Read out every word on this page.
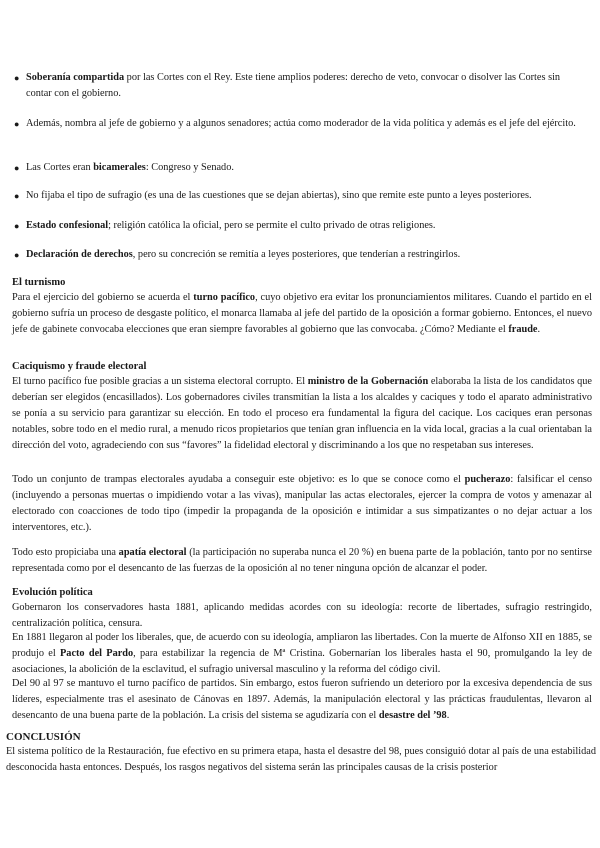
● Soberanía compartida por las Cortes con el Rey. Este tiene amplios poderes: derecho de veto, convocar o disolver las Cortes sin contar con el gobierno.
● Además, nombra al jefe de gobierno y a algunos senadores; actúa como moderador de la vida política y además es el jefe del ejército.
● Las Cortes eran bicamerales: Congreso y Senado.
● No fijaba el tipo de sufragio (es una de las cuestiones que se dejan abiertas), sino que remite este punto a leyes posteriores.
● Estado confesional; religión católica la oficial, pero se permite el culto privado de otras religiones.
● Declaración de derechos, pero su concreción se remitía a leyes posteriores, que tenderían a restringirlos.
El turnismo
Para el ejercicio del gobierno se acuerda el turno pacífico, cuyo objetivo era evitar los pronunciamientos militares. Cuando el partido en el gobierno sufría un proceso de desgaste político, el monarca llamaba al jefe del partido de la oposición a formar gobierno. Entonces, el nuevo jefe de gabinete convocaba elecciones que eran siempre favorables al gobierno que las convocaba. ¿Cómo? Mediante el fraude.
Caciquismo y fraude electoral
El turno pacífico fue posible gracias a un sistema electoral corrupto. El ministro de la Gobernación elaboraba la lista de los candidatos que deberían ser elegidos (encasillados). Los gobernadores civiles transmitían la lista a los alcaldes y caciques y todo el aparato administrativo se ponía a su servicio para garantizar su elección. En todo el proceso era fundamental la figura del cacique. Los caciques eran personas notables, sobre todo en el medio rural, a menudo ricos propietarios que tenían gran influencia en la vida local, gracias a la cual orientaban la dirección del voto, agradeciendo con sus “favores” la fidelidad electoral y discriminando a los que no respetaban sus intereses.
Todo un conjunto de trampas electorales ayudaba a conseguir este objetivo: es lo que se conoce como el pucherazo: falsificar el censo (incluyendo a personas muertas o impidiendo votar a las vivas), manipular las actas electorales, ejercer la compra de votos y amenazar al electorado con coacciones de todo tipo (impedir la propaganda de la oposición e intimidar a sus simpatizantes o no dejar actuar a los interventores, etc.).
Todo esto propiciaba una apatía electoral (la participación no superaba nunca el 20 %) en buena parte de la población, tanto por no sentirse representada como por el desencanto de las fuerzas de la oposición al no tener ninguna opción de alcanzar el poder.
Evolución política
Gobernaron los conservadores hasta 1881, aplicando medidas acordes con su ideología: recorte de libertades, sufragio restringido, centralización política, censura.
En 1881 llegaron al poder los liberales, que, de acuerdo con su ideología, ampliaron las libertades. Con la muerte de Alfonso XII en 1885, se produjo el Pacto del Pardo, para estabilizar la regencia de Mª Cristina. Gobernarían los liberales hasta el 90, promulgando la ley de asociaciones, la abolición de la esclavitud, el sufragio universal masculino y la reforma del código civil.
Del 90 al 97 se mantuvo el turno pacífico de partidos. Sin embargo, estos fueron sufriendo un deterioro por la excesiva dependencia de sus líderes, especialmente tras el asesinato de Cánovas en 1897. Además, la manipulación electoral y las prácticas fraudulentas, llevaron al desencanto de una buena parte de la población. La crisis del sistema se agudizaría con el desastre del ’98.
CONCLUSIÓN
El sistema político de la Restauración, fue efectivo en su primera etapa, hasta el desastre del 98, pues consiguió dotar al país de una estabilidad desconocida hasta entonces. Después, los rasgos negativos del sistema serán las principales causas de la crisis posterior
